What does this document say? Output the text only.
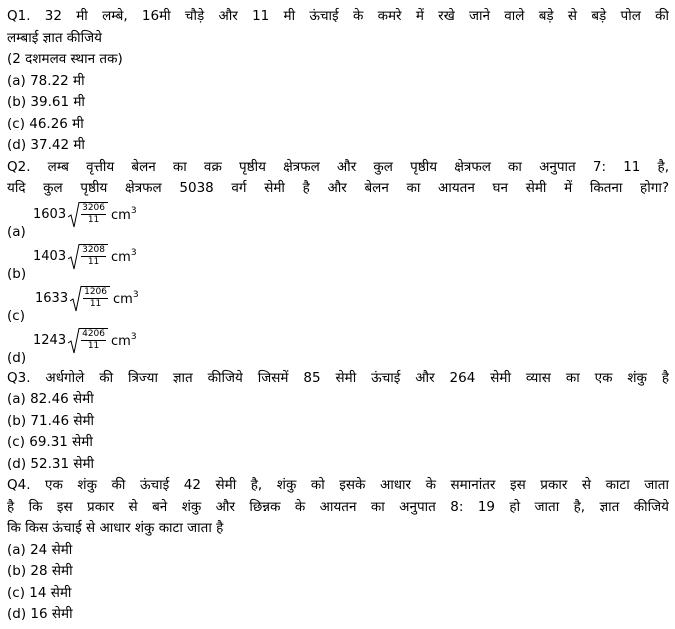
Q1. 32 मी लम्बे, 16मी चौड़े और 11 मी ऊंचाई के कमरे में रखे जाने वाले बड़े से बड़े पोल की
लम्बाई ज्ञात कीजिये
(2 दशमलव स्थान तक)
(a) 78.22 मी
(b) 39.61 मी
(c) 46.26 मी
(d) 37.42 मी
Q2. लम्ब वृत्तीय बेलन का वक्र पृष्ठीय क्षेत्रफल और कुल पृष्ठीय क्षेत्रफल का अनुपात 7: 11 है,
यदि कुल पृष्ठीय क्षेत्रफल 5038 वर्ग सेमी है और बेलन का आयतन घन सेमी में कितना होगा?
(a)
$1603 \frac{3206}{11} cm^3$
(b)
$1403 \frac{3208}{11} cm^3$
(c)
$1633 \frac{1206}{11} cm^3$
(d)
$1243 \frac{4206}{11} cm^3$
Q3. अर्धगोले की त्रिज्या ज्ञात कीजिये जिसमें 85 सेमी ऊंचाई और 264 सेमी व्यास का एक शंकु है
(a) 82.46 सेमी
(b) 71.46 सेमी
(c) 69.31 सेमी
(d) 52.31 सेमी
Q4. एक शंकु की ऊंचाई 42 सेमी है, शंकु को इसके आधार के समानांतर इस प्रकार से काटा जाता
है कि इस प्रकार से बने शंकु और छिन्नक के आयतन का अनुपात 8: 19 हो जाता है, ज्ञात कीजिये
कि किस ऊंचाई से आधार शंकु काटा जाता है
(a) 24 सेमी
(b) 28 सेमी
(c) 14 सेमी
(d) 16 सेमी
